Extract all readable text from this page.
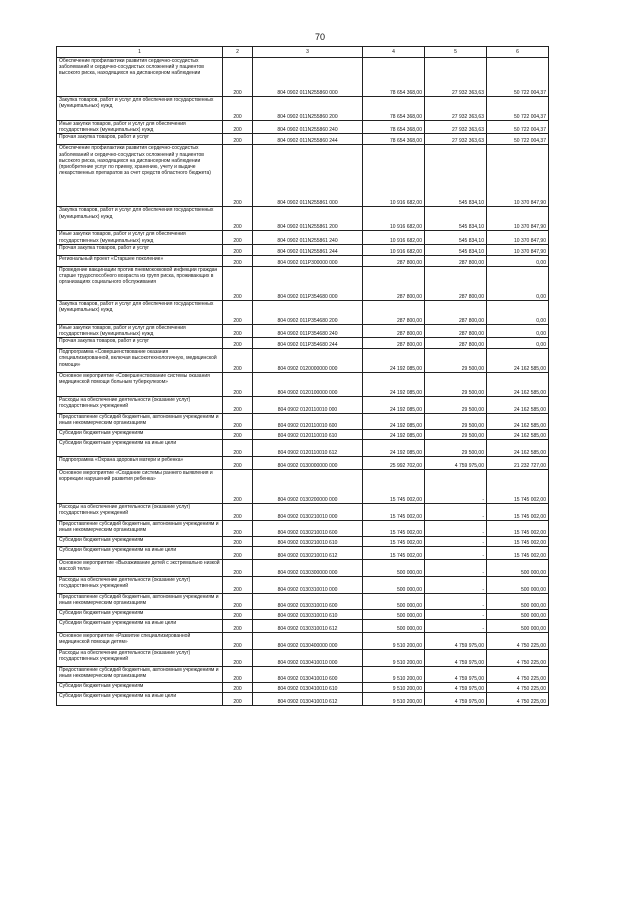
70
1	2	3	4	5	6
Обеспечение профилактики развития сердечно-сосудистых заболеваний и сердечно-сосудистых осложнений у пациентов высокого риска, находящихся на диспансерном наблюдении	200	804 0902 011N255860 000	78 654 368,00	27 932 363,63	50 722 004,37
Закупка товаров, работ и услуг для обеспечения государственных (муниципальных) нужд	200	804 0902 011N255860 200	78 654 368,00	27 932 363,63	50 722 004,37
Иные закупки товаров, работ и услуг для обеспечения государственных (муниципальных) нужд	200	804 0902 011N255860 240	78 654 368,00	27 932 363,63	50 722 004,37
Прочая закупка товаров, работ и услуг	200	804 0902 011N255860 244	78 654 368,00	27 932 363,63	50 722 004,37
Обеспечение профилактики развития сердечно-сосудистых заболеваний и сердечно-сосудистых осложнений у пациентов высокого риска, находящихся на диспансерном наблюдении (приобретение услуг по приему, хранению, учету и выдаче лекарственных препаратов за счет средств областного бюджета)	200	804 0902 011N255861 000	10 916 682,00	545 834,10	10 370 847,90
Закупка товаров, работ и услуг для обеспечения государственных (муниципальных) нужд	200	804 0902 011N255861 200	10 916 682,00	545 834,10	10 370 847,90
Иные закупки товаров, работ и услуг для обеспечения государственных (муниципальных) нужд	200	804 0902 011N255861 240	10 916 682,00	545 834,10	10 370 847,90
Прочая закупка товаров, работ и услуг	200	804 0902 011N255861 244	10 916 682,00	545 834,10	10 370 847,90
Региональный проект «Старшее поколение»	200	804 0902 011P300000 000	287 800,00	287 800,00	0,00
Проведение вакцинации против пневмококковой инфекции граждан старше трудоспособного возраста из групп риска, проживающих в организациях социального обслуживания	200	804 0902 011P354680 000	287 800,00	287 800,00	0,00
Закупка товаров, работ и услуг для обеспечения государственных (муниципальных) нужд	200	804 0902 011P354680 200	287 800,00	287 800,00	0,00
Иные закупки товаров, работ и услуг для обеспечения государственных (муниципальных) нужд	200	804 0902 011P354680 240	287 800,00	287 800,00	0,00
Прочая закупка товаров, работ и услуг	200	804 0902 011P354680 244	287 800,00	287 800,00	0,00
Подпрограмма «Совершенствование оказания специализированной, включая высокотехнологичную, медицинской помощи»	200	804 0902 0120000000 000	24 192 085,00	29 500,00	24 162 585,00
Основное мероприятие «Совершенствование системы оказания медицинской помощи больным туберкулезом»	200	804 0902 0120100000 000	24 192 085,00	29 500,00	24 162 585,00
Расходы на обеспечение деятельности (оказание услуг) государственных учреждений	200	804 0902 0120110010 000	24 192 085,00	29 500,00	24 162 585,00
Предоставление субсидий бюджетным, автономным учреждениям и иным некоммерческим организациям	200	804 0902 0120110010 600	24 192 085,00	29 500,00	24 162 585,00
Субсидии бюджетным учреждениям	200	804 0902 0120110010 610	24 192 085,00	29 500,00	24 162 585,00
Субсидии бюджетным учреждениям на иные цели	200	804 0902 0120110010 612	24 192 085,00	29 500,00	24 162 585,00
Подпрограмма «Охрана здоровья матери и ребенка»	200	804 0902 0130000000 000	25 992 702,00	4 759 975,00	21 232 727,00
Основное мероприятие «Создание системы раннего выявления и коррекции нарушений развития ребенка»	200	804 0902 0130200000 000	15 745 002,00	-	15 745 002,00
Расходы на обеспечение деятельности (оказание услуг) государственных учреждений	200	804 0902 0130210010 000	15 745 002,00	-	15 745 002,00
Предоставление субсидий бюджетным, автономным учреждениям и иным некоммерческим организациям	200	804 0902 0130210010 600	15 745 002,00	-	15 745 002,00
Субсидии бюджетным учреждениям	200	804 0902 0130210010 610	15 745 002,00	-	15 745 002,00
Субсидии бюджетным учреждениям на иные цели	200	804 0902 0130210010 612	15 745 002,00	-	15 745 002,00
Основное мероприятие «Выхаживание детей с экстремально низкой массой тела»	200	804 0902 0130300000 000	500 000,00	-	500 000,00
Расходы на обеспечение деятельности (оказание услуг) государственных учреждений	200	804 0902 0130310010 000	500 000,00	-	500 000,00
Предоставление субсидий бюджетным, автономным учреждениям и иным некоммерческим организациям	200	804 0902 0130310010 600	500 000,00	-	500 000,00
Субсидии бюджетным учреждениям	200	804 0902 0130310010 610	500 000,00	-	500 000,00
Субсидии бюджетным учреждениям на иные цели	200	804 0902 0130310010 612	500 000,00	-	500 000,00
Основное мероприятие «Развитие специализированной медицинской помощи детям»	200	804 0902 0130400000 000	9 510 200,00	4 759 975,00	4 750 225,00
Расходы на обеспечение деятельности (оказание услуг) государственных учреждений	200	804 0902 0130410010 000	9 510 200,00	4 759 975,00	4 750 225,00
Предоставление субсидий бюджетным, автономным учреждениям и иным некоммерческим организациям	200	804 0902 0130410010 600	9 510 200,00	4 759 975,00	4 750 225,00
Субсидии бюджетным учреждениям	200	804 0902 0130410010 610	9 510 200,00	4 759 975,00	4 750 225,00
Субсидии бюджетным учреждениям на иные цели	200	804 0902 0130410010 612	9 510 200,00	4 759 975,00	4 750 225,00
